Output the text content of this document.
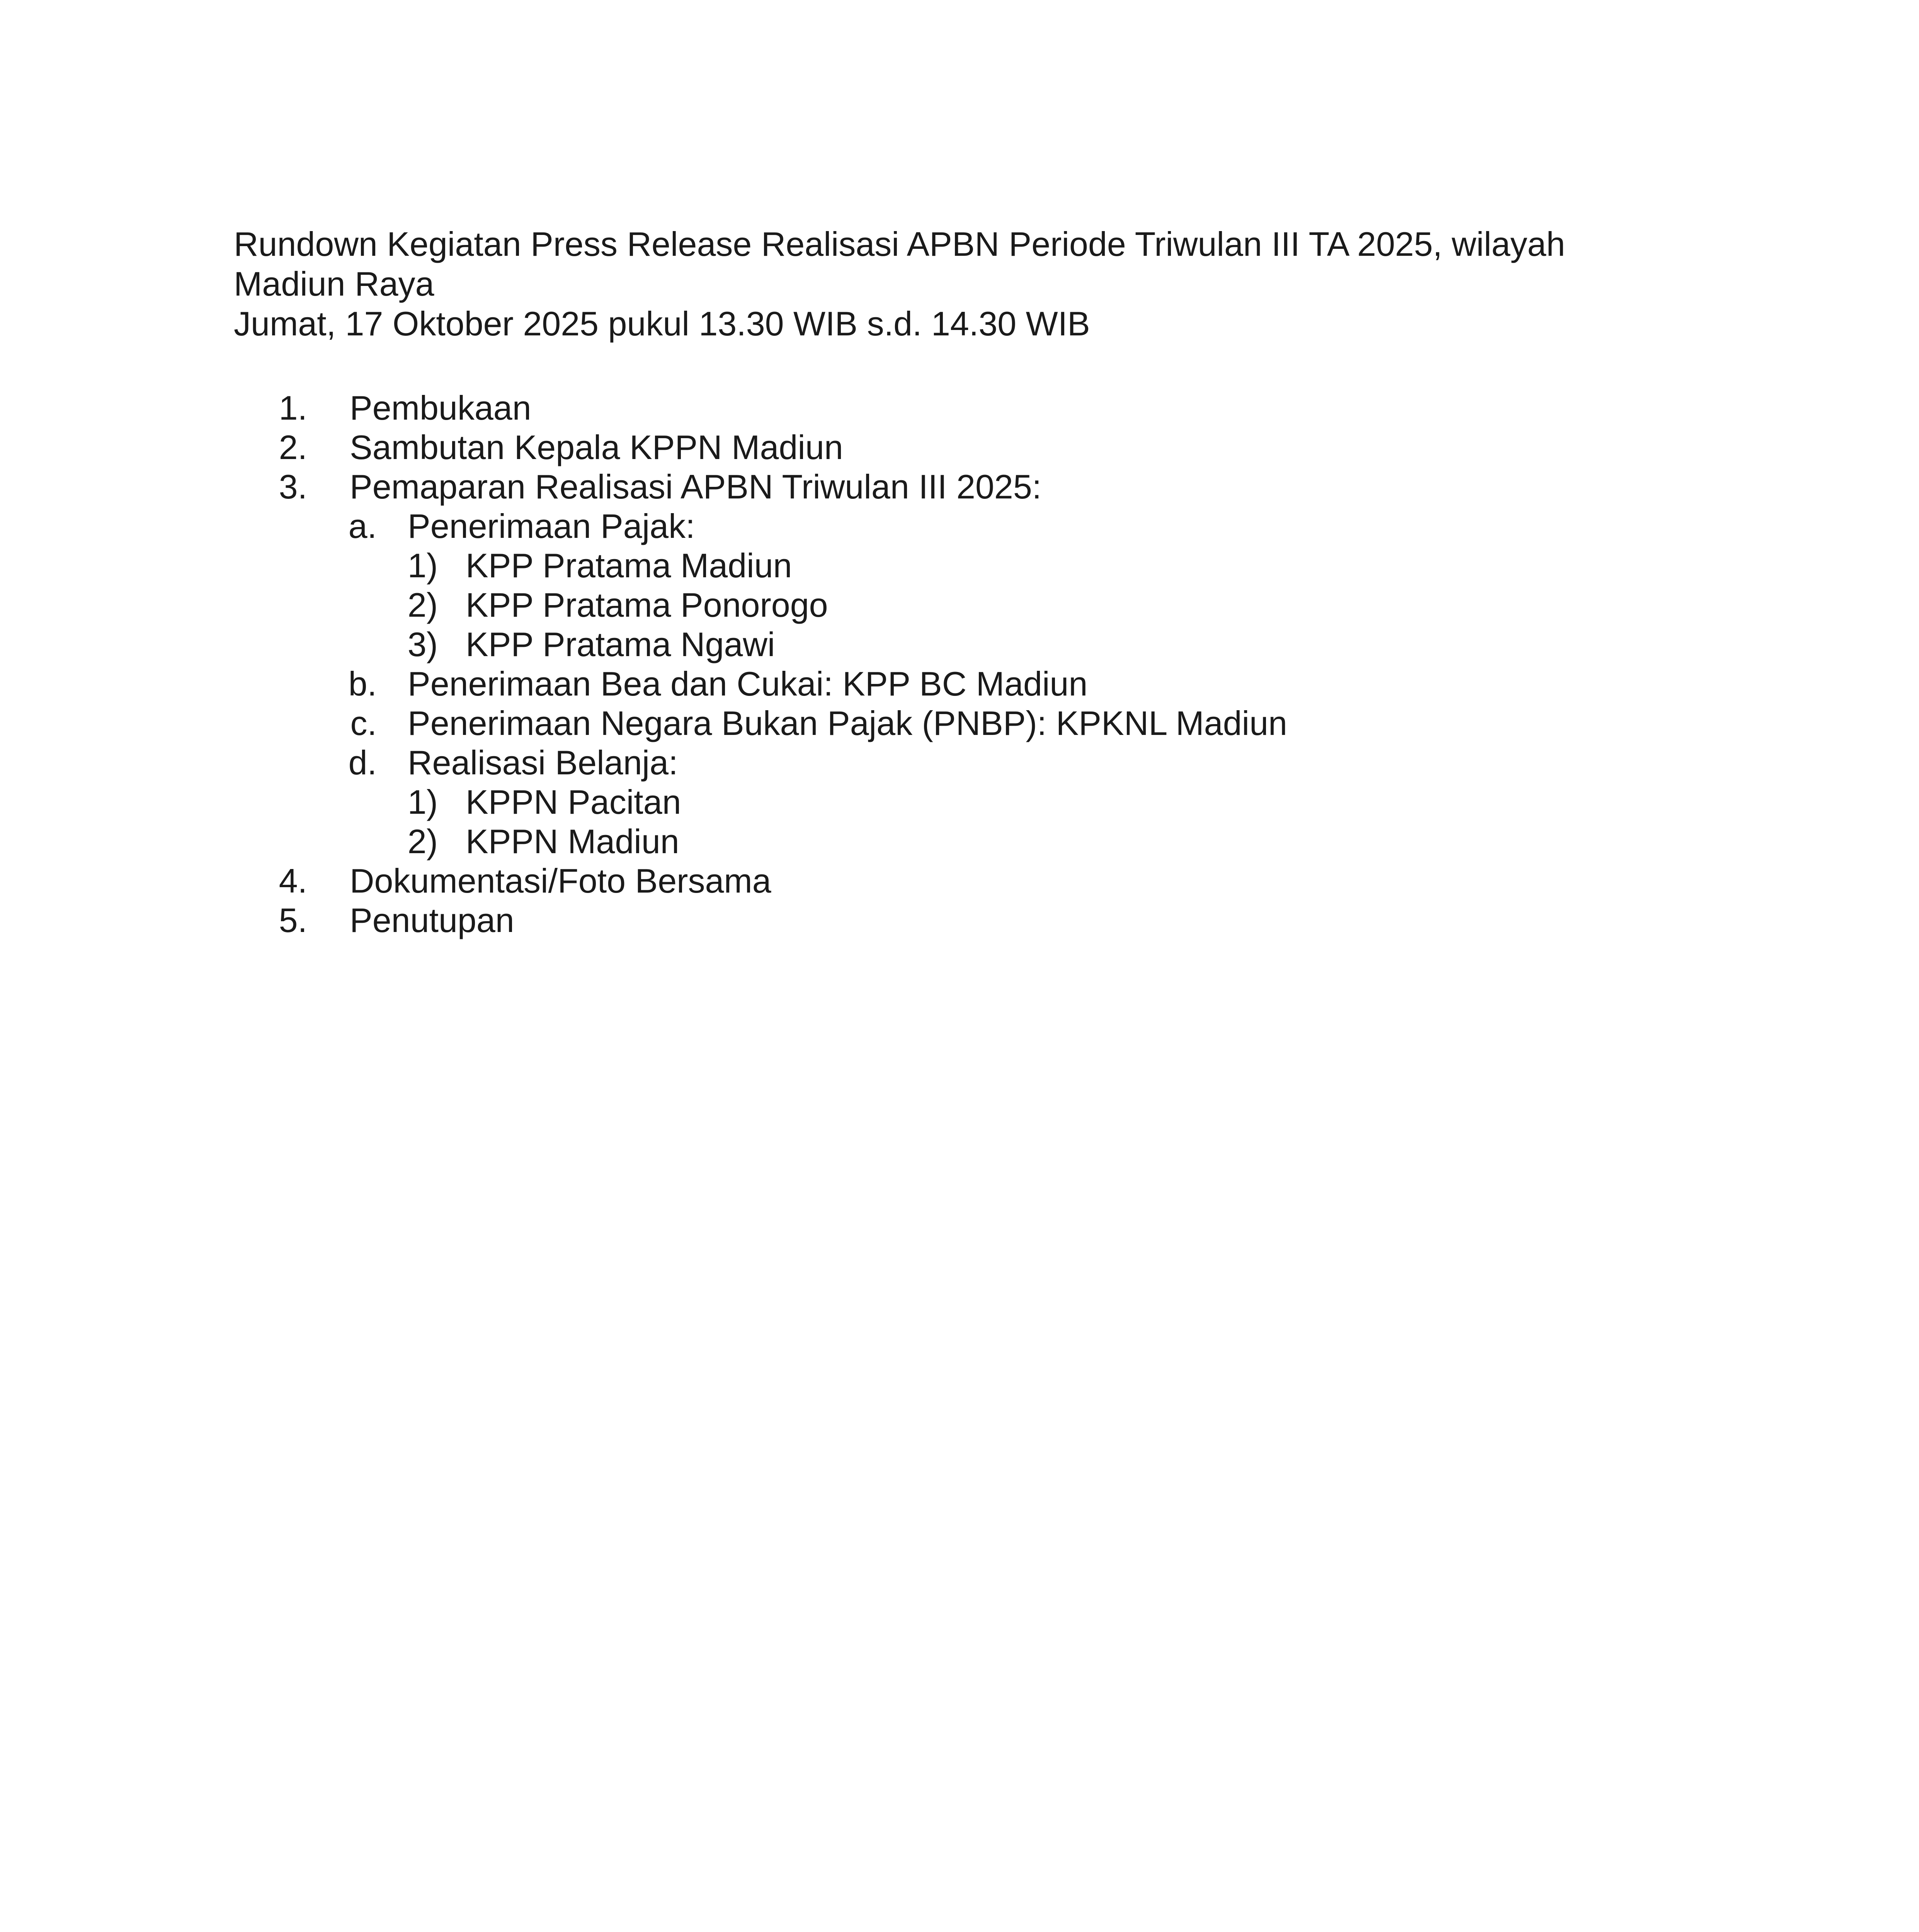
Rundown Kegiatan Press Release Realisasi APBN Periode Triwulan III TA 2025, wilayah
Madiun Raya
Jumat, 17 Oktober 2025 pukul 13.30 WIB s.d. 14.30 WIB
1. Pembukaan
2. Sambutan Kepala KPPN Madiun
3. Pemaparan Realisasi APBN Triwulan III 2025:
a. Penerimaan Pajak:
1) KPP Pratama Madiun
2) KPP Pratama Ponorogo
3) KPP Pratama Ngawi
b. Penerimaan Bea dan Cukai: KPP BC Madiun
c. Penerimaan Negara Bukan Pajak (PNBP): KPKNL Madiun
d. Realisasi Belanja:
1) KPPN Pacitan
2) KPPN Madiun
4. Dokumentasi/Foto Bersama
5. Penutupan
